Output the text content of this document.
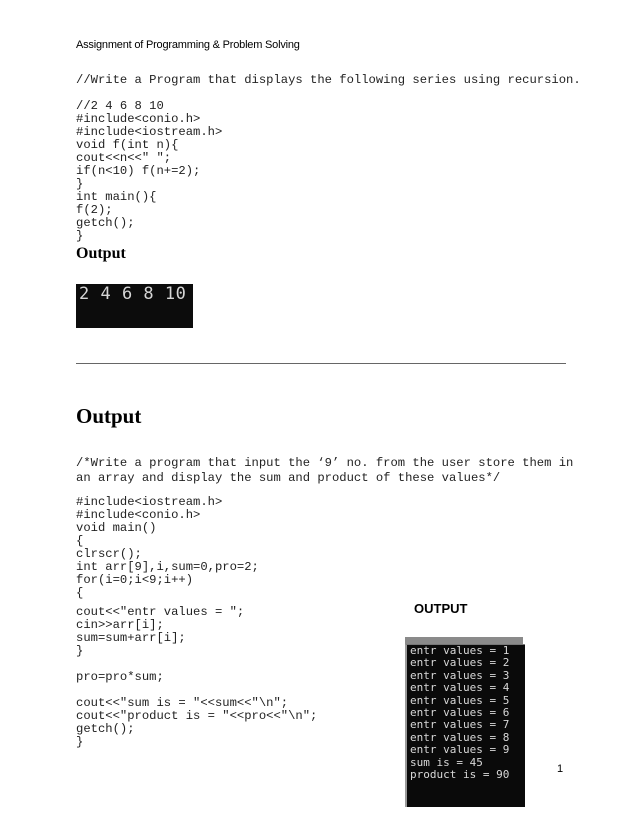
Assignment of Programming & Problem Solving
//Write a Program that displays the following series using recursion.
//2 4 6 8 10
#include<conio.h>
#include<iostream.h>
void f(int n){
cout<<n<<" ";
if(n<10) f(n+=2);
}
int main(){
f(2);
getch();
}
Output
2 4 6 8 10
Output
/*Write a program that input the ‘9’ no. from the user store them in
an array and display the sum and product of these values*/
#include<iostream.h>
#include<conio.h>
void main()
{
clrscr();
int arr[9],i,sum=0,pro=2;
for(i=0;i<9;i++)
{
cout<<"entr values = ";
cin>>arr[i];
sum=sum+arr[i];
}
pro=pro*sum;
cout<<"sum is = "<<sum<<"\n";
cout<<"product is = "<<pro<<"\n";
getch();
}
OUTPUT
entr values = 1
entr values = 2
entr values = 3
entr values = 4
entr values = 5
entr values = 6
entr values = 7
entr values = 8
entr values = 9
sum is = 45
product is = 90	1
